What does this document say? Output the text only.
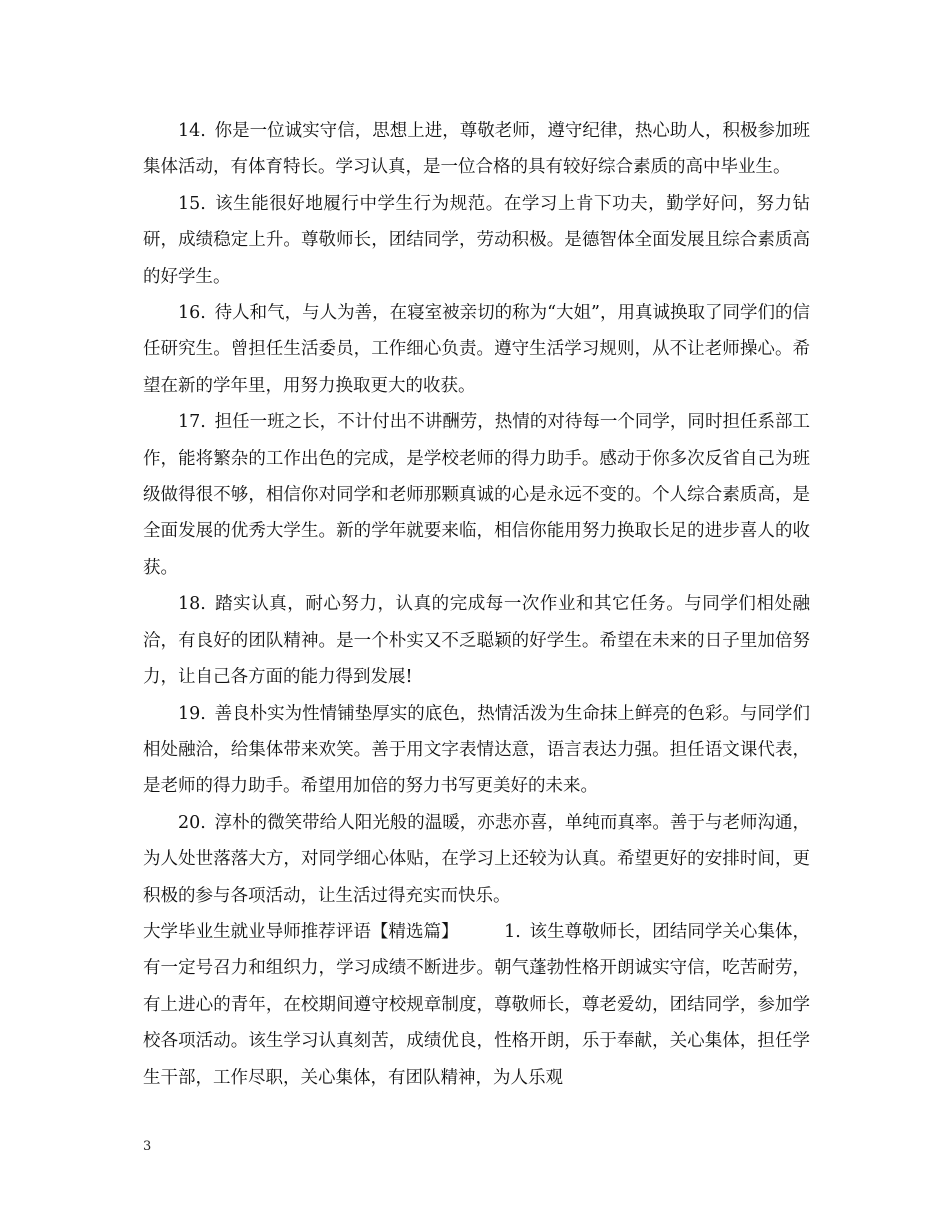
14. 你是一位诚实守信，思想上进，尊敬老师，遵守纪律，热心助人，积极参加班集体活动，有体育特长。学习认真，是一位合格的具有较好综合素质的高中毕业生。

15. 该生能很好地履行中学生行为规范。在学习上肯下功夫，勤学好问，努力钻研，成绩稳定上升。尊敬师长，团结同学，劳动积极。是德智体全面发展且综合素质高的好学生。

16. 待人和气，与人为善，在寝室被亲切的称为“大姐”，用真诚换取了同学们的信任研究生。曾担任生活委员，工作细心负责。遵守生活学习规则，从不让老师操心。希望在新的学年里，用努力换取更大的收获。

17. 担任一班之长，不计付出不讲酬劳，热情的对待每一个同学，同时担任系部工作，能将繁杂的工作出色的完成，是学校老师的得力助手。感动于你多次反省自己为班级做得很不够，相信你对同学和老师那颗真诚的心是永远不变的。个人综合素质高，是全面发展的优秀大学生。新的学年就要来临，相信你能用努力换取长足的进步喜人的收获。

18. 踏实认真，耐心努力，认真的完成每一次作业和其它任务。与同学们相处融洽，有良好的团队精神。是一个朴实又不乏聪颖的好学生。希望在未来的日子里加倍努力，让自己各方面的能力得到发展!

19. 善良朴实为性情铺垫厚实的底色，热情活泼为生命抹上鲜亮的色彩。与同学们相处融洽，给集体带来欢笑。善于用文字表情达意，语言表达力强。担任语文课代表，是老师的得力助手。希望用加倍的努力书写更美好的未来。

20. 淳朴的微笑带给人阳光般的温暖，亦悲亦喜，单纯而真率。善于与老师沟通，为人处世落落大方，对同学细心体贴，在学习上还较为认真。希望更好的安排时间，更积极的参与各项活动，让生活过得充实而快乐。

大学毕业生就业导师推荐评语【精选篇】	1. 该生尊敬师长，团结同学关心集体，有一定号召力和组织力，学习成绩不断进步。朝气蓬勃性格开朗诚实守信，吃苦耐劳，有上进心的青年，在校期间遵守校规章制度，尊敬师长，尊老爱幼，团结同学，参加学校各项活动。该生学习认真刻苦，成绩优良，性格开朗，乐于奉献，关心集体，担任学生干部，工作尽职，关心集体，有团队精神，为人乐观

3
